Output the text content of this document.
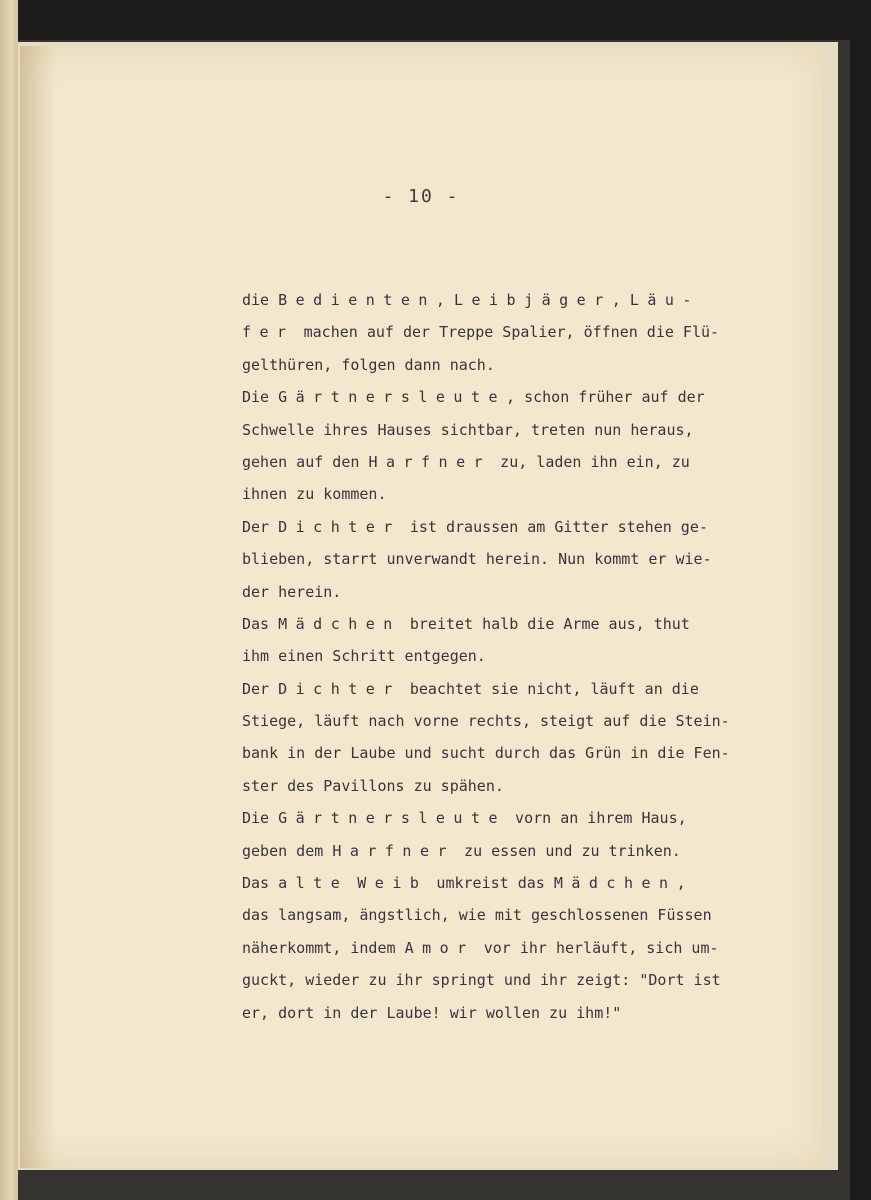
- 10 -
die Bedienten, Leibjäger, Läu-
fer machen auf der Treppe Spalier, öffnen die Flü-
gelthüren, folgen dann nach.
Die Gärtnersleute, schon früher auf der
Schwelle ihres Hauses sichtbar, treten nun heraus,
gehen auf den Harfner zu, laden ihn ein, zu
ihnen zu kommen.
Der Dichter ist draussen am Gitter stehen ge-
blieben, starrt unverwandt herein. Nun kommt er wie-
der herein.
Das Mädchen breitet halb die Arme aus, thut
ihm einen Schritt entgegen.
Der Dichter beachtet sie nicht, läuft an die
Stiege, läuft nach vorne rechts, steigt auf die Stein-
bank in der Laube und sucht durch das Grün in die Fen-
ster des Pavillons zu spähen.
Die Gärtnersleute vorn an ihrem Haus,
geben dem Harfner zu essen und zu trinken.
Das alte Weib umkreist das Mädchen,
das langsam, ängstlich, wie mit geschlossenen Füssen
näherkommt, indem Amor vor ihr herläuft, sich um-
guckt, wieder zu ihr springt und ihr zeigt: "Dort ist
er, dort in der Laube! wir wollen zu ihm!"
